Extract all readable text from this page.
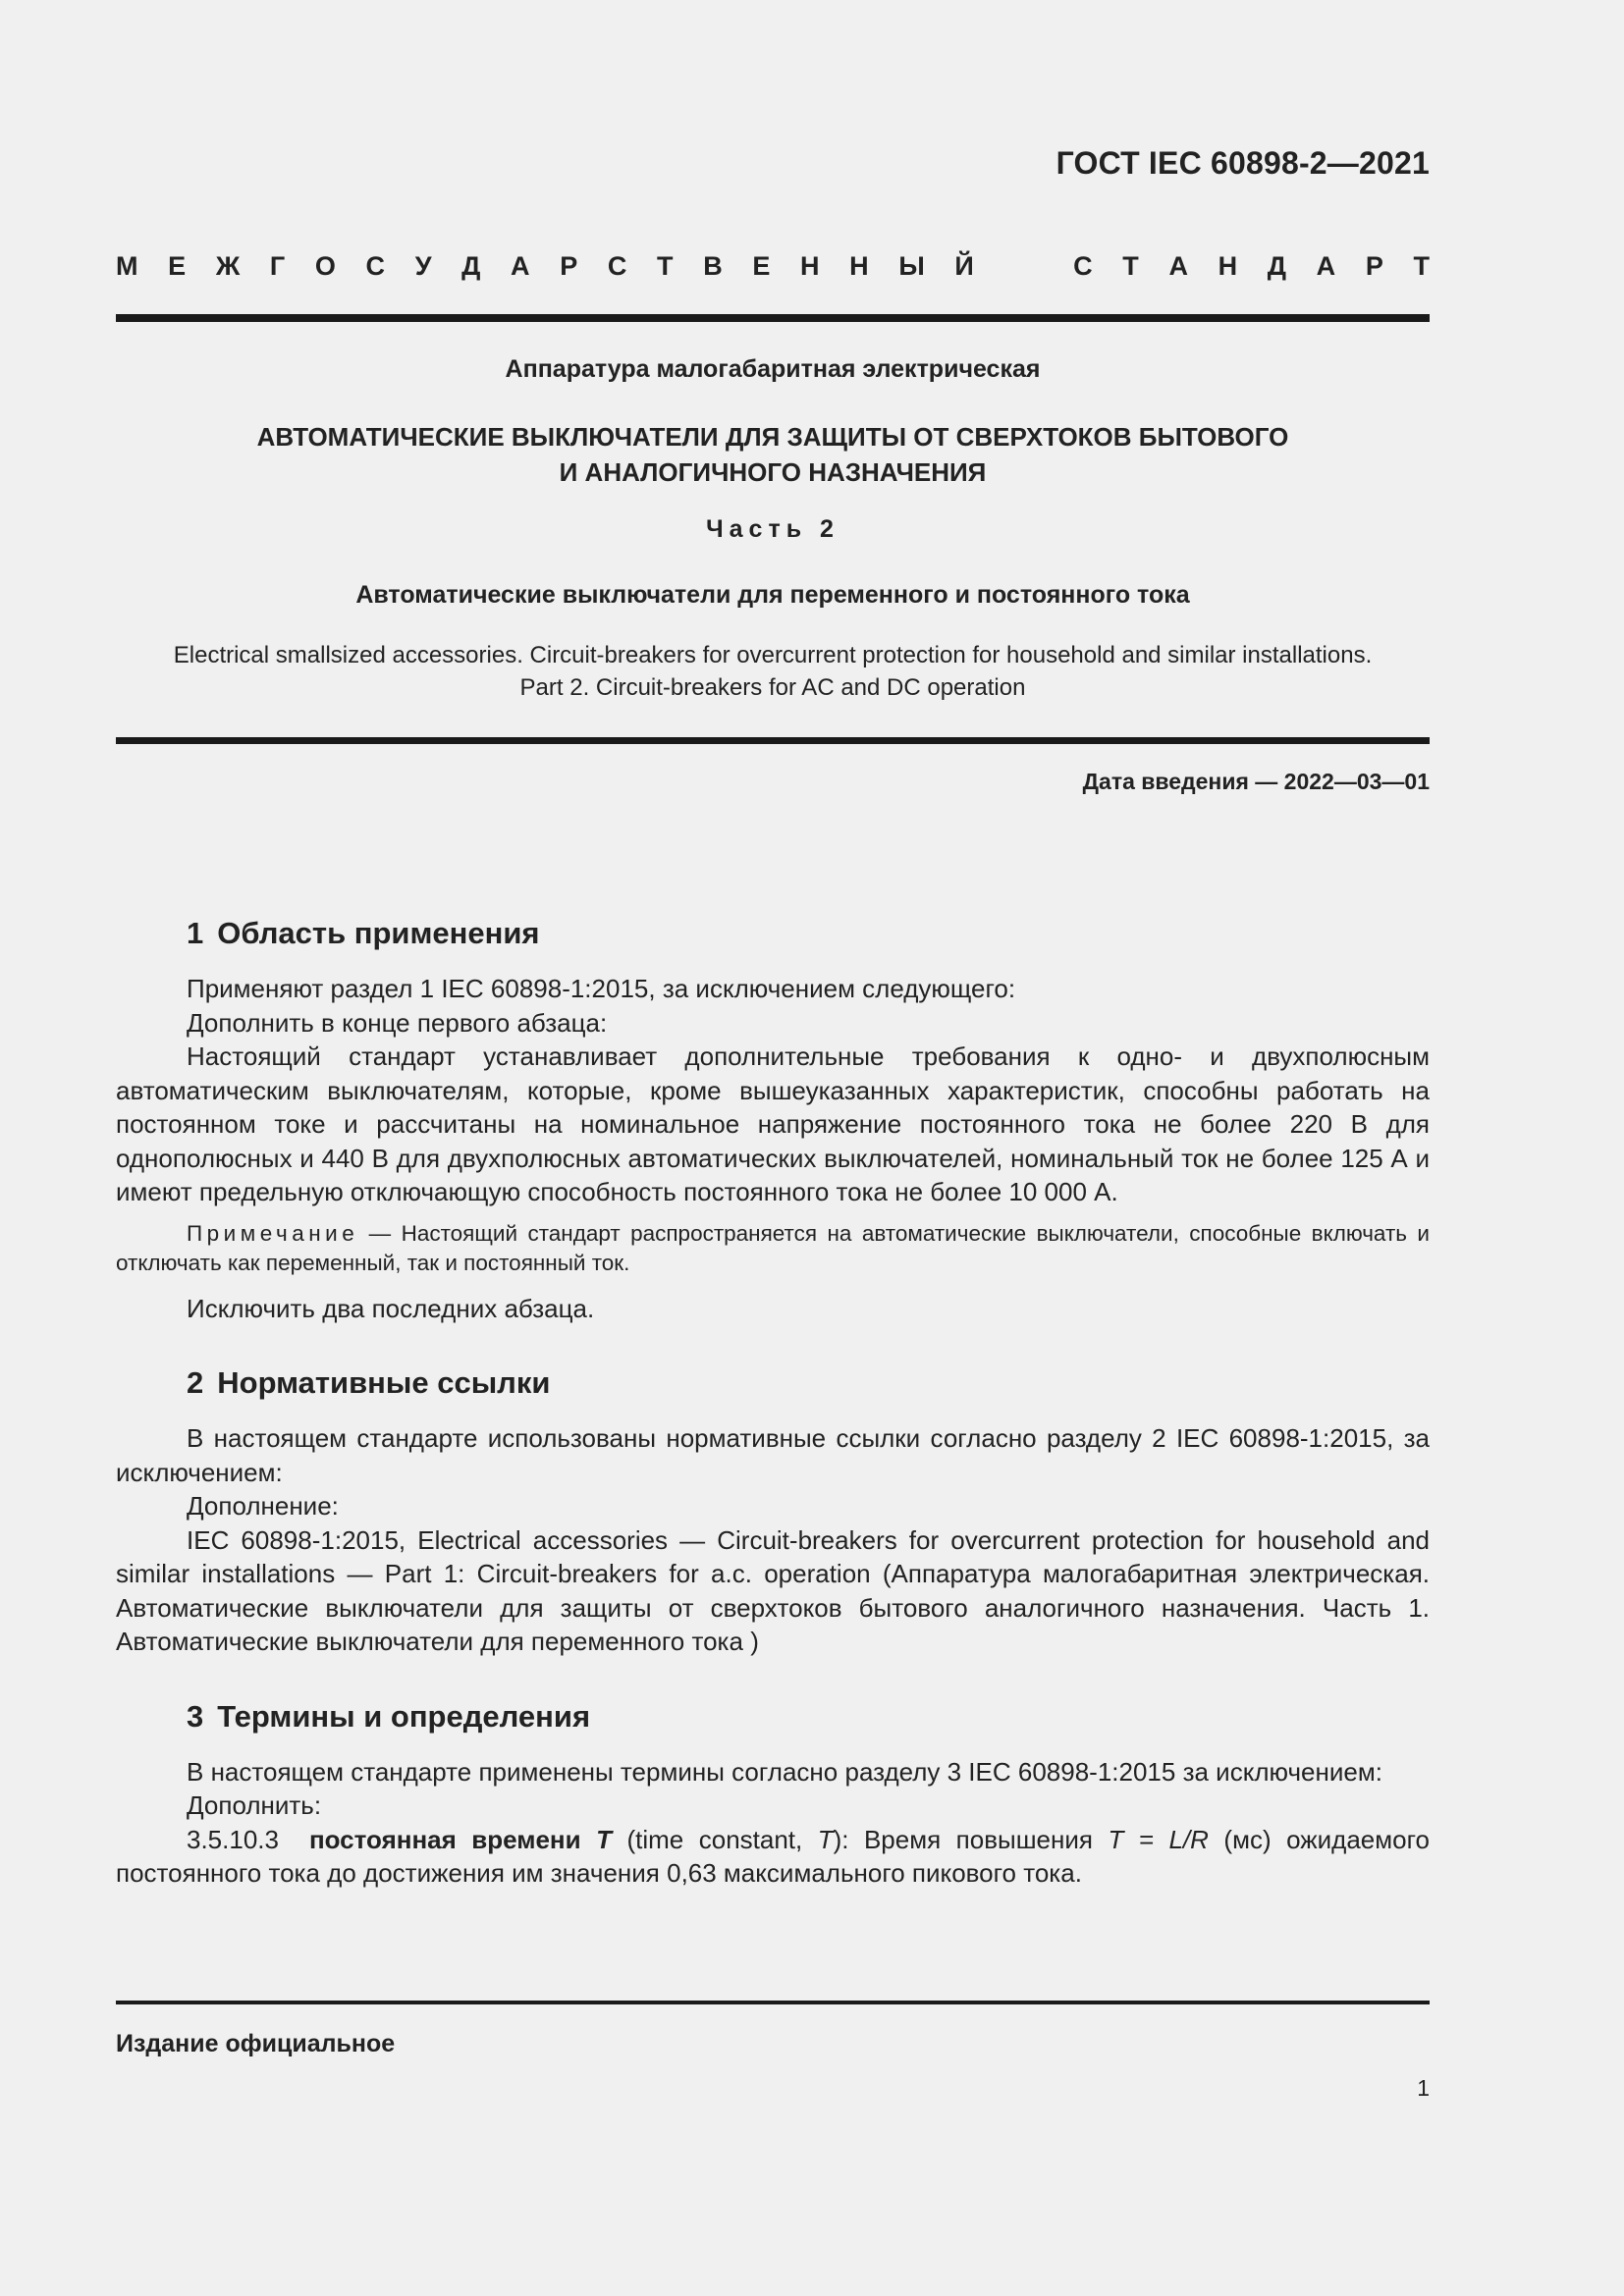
ГОСТ IEC 60898-2—2021
М Е Ж Г О С У Д А Р С Т В Е Н Н Ы Й	С Т А Н Д А Р Т
Аппаратура малогабаритная электрическая
АВТОМАТИЧЕСКИЕ ВЫКЛЮЧАТЕЛИ ДЛЯ ЗАЩИТЫ ОТ СВЕРХТОКОВ БЫТОВОГО
И АНАЛОГИЧНОГО НАЗНАЧЕНИЯ
Часть 2
Автоматические выключатели для переменного и постоянного тока
Electrical smallsized accessories. Circuit-breakers for overcurrent protection for household and similar installations.
Part 2. Circuit-breakers for AC and DC operation
Дата введения — 2022—03—01
1 Область применения

Применяют раздел 1 IEC 60898-1:2015, за исключением следующего:

Дополнить в конце первого абзаца:

Настоящий стандарт устанавливает дополнительные требования к одно- и двухполюсным автоматическим выключателям, которые, кроме вышеуказанных характеристик, способны работать на постоянном токе и рассчитаны на номинальное напряжение постоянного тока не более 220 В для однополюсных и 440 В для двухполюсных автоматических выключателей, номинальный ток не более 125 А и имеют предельную отключающую способность постоянного тока не более 10 000 А.

Примечание — Настоящий стандарт распространяется на автоматические выключатели, способные включать и отключать как переменный, так и постоянный ток.

Исключить два последних абзаца.

2 Нормативные ссылки

В настоящем стандарте использованы нормативные ссылки согласно разделу 2 IEC 60898-1:2015, за исключением:

Дополнение:

IEC 60898-1:2015, Electrical accessories — Circuit-breakers for overcurrent protection for household and similar installations — Part 1: Circuit-breakers for a.c. operation (Аппаратура малогабаритная электрическая. Автоматические выключатели для защиты от сверхтоков бытового аналогичного назначения. Часть 1. Автоматические выключатели для переменного тока )

3 Термины и определения

В настоящем стандарте применены термины согласно разделу 3 IEC 60898-1:2015 за исключением:

Дополнить:

3.5.10.3 постоянная времени T (time constant, T): Время повышения T = L/R (мс) ожидаемого постоянного тока до достижения им значения 0,63 максимального пикового тока.

Издание официальное
1
